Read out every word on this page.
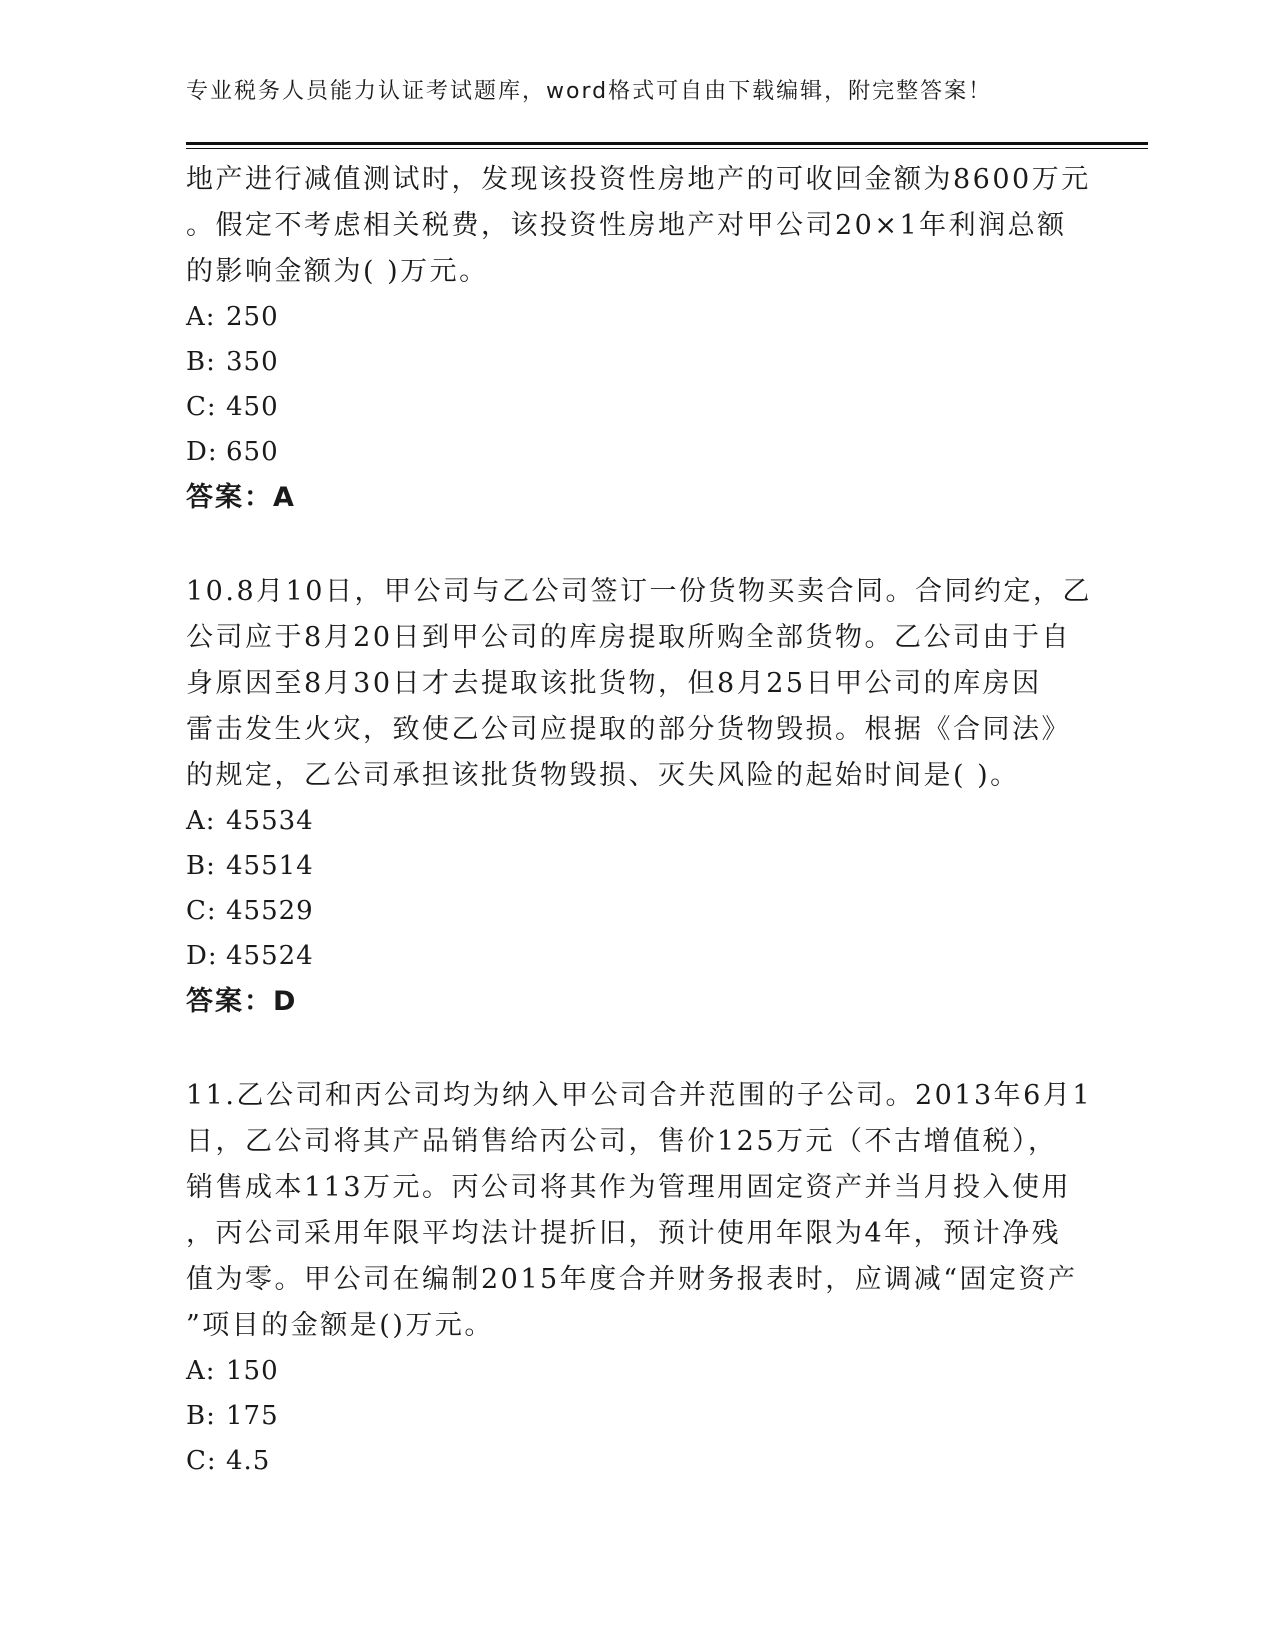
专业税务人员能力认证考试题库，word格式可自由下载编辑，附完整答案！
地产进行减值测试时，发现该投资性房地产的可收回金额为8600万元
。假定不考虑相关税费，该投资性房地产对甲公司20×1年利润总额
的影响金额为( )万元。
A: 250
B: 350
C: 450
D: 650
答案：A
10.8月10日，甲公司与乙公司签订一份货物买卖合同。合同约定，乙
公司应于8月20日到甲公司的库房提取所购全部货物。乙公司由于自
身原因至8月30日才去提取该批货物，但8月25日甲公司的库房因
雷击发生火灾，致使乙公司应提取的部分货物毁损。根据《合同法》
的规定，乙公司承担该批货物毁损、灭失风险的起始时间是( )。
A: 45534
B: 45514
C: 45529
D: 45524
答案：D
11.乙公司和丙公司均为纳入甲公司合并范围的子公司。2013年6月1
日，乙公司将其产品销售给丙公司，售价125万元（不古增值税），
销售成本113万元。丙公司将其作为管理用固定资产并当月投入使用
，丙公司采用年限平均法计提折旧，预计使用年限为4年，预计净残
值为零。甲公司在编制2015年度合并财务报表时，应调减“固定资产
”项目的金额是()万元。
A: 150
B: 175
C: 4.5
